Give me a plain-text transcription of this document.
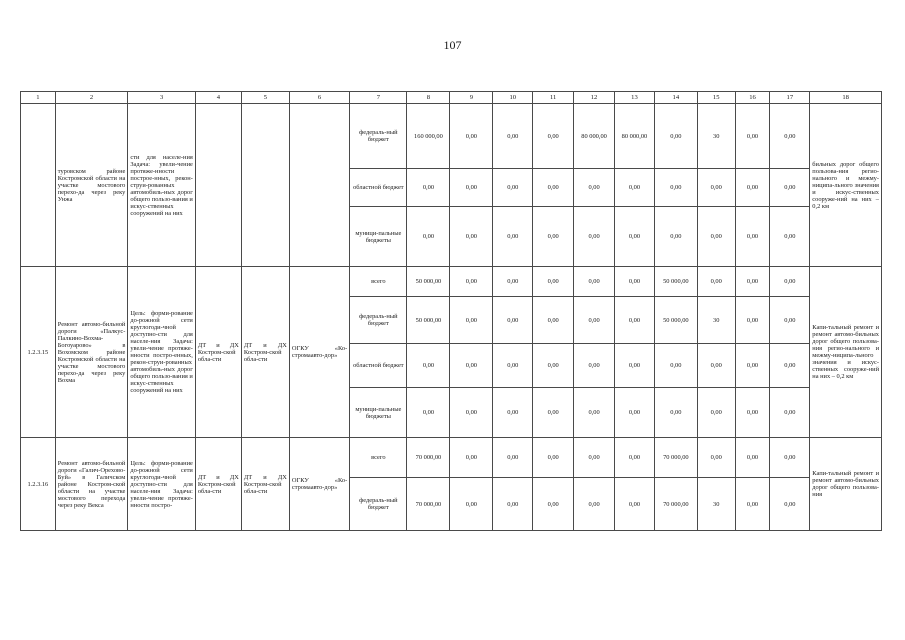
107
1	2	3	4	5	6	7	8	9	10	11	12	13	14	15	16	17	18
	туровском районе Костромской области на участке мостового перехо-да через реку Унжа	сти для населе-ния Задача: увели-чение протяже-нности построе-нных, рекон-струи-рованных автомобиль-ных дорог общего пользо-вания и искус-ственных сооружений на них				федераль-ный бюджет	160 000,00	0,00	0,00	0,00	80 000,00	80 000,00	0,00	30	0,00	0,00	бильных дорог общего пользова-ния регио-нального и межму-ниципа-льного значения и искус-ственных сооруже-ний на них – 0,2 км
						областной бюджет	0,00	0,00	0,00	0,00	0,00	0,00	0,00	0,00	0,00	0,00	
						муници-пальные бюджеты	0,00	0,00	0,00	0,00	0,00	0,00	0,00	0,00	0,00	0,00	
1.2.3.15	Ремонт автомо-бильной дороги «Палкус-Палкино-Вохма-Богоуарово» в Вохомском районе Костромской области на участке мостового перехо-да через реку Вохма	Цель: форми-рование до-рожной сети круглогоди-чной доступно-сти для населе-ния Задача: увели-чение протяже-нности постро-енных, рекон-струи-рованных автомобиль-ных дорог общего пользо-вания и искус-ственных сооружений на них	ДТ и ДХ Костром-ской обла-сти	ДТ и ДХ Костром-ской обла-сти	ОГКУ «Ко-стромаавто-дор»	всего	50 000,00	0,00	0,00	0,00	0,00	0,00	50 000,00	0,00	0,00	0,00	Капи-тальный ремонт и ремонт автомо-бильных дорог общего пользова-ния регио-нального и межму-ниципа-льного значения и искус-ственных сооруже-ний на них – 0,2 км
						федераль-ный бюджет	50 000,00	0,00	0,00	0,00	0,00	0,00	50 000,00	30	0,00	0,00	
						областной бюджет	0,00	0,00	0,00	0,00	0,00	0,00	0,00	0,00	0,00	0,00	
						муници-пальные бюджеты	0,00	0,00	0,00	0,00	0,00	0,00	0,00	0,00	0,00	0,00	
1.2.3.16	Ремонт автомо-бильной дороги «Галич-Орехово-Буй» в Галичском районе Костром-ской области на участке мостового перехода через реку Векса	Цель: форми-рование до-рожной сети круглогоди-чной доступно-сти для населе-ния Задача: увели-чение протяже-нности постро-	ДТ и ДХ Костром-ской обла-сти	ДТ и ДХ Костром-ской обла-сти	ОГКУ «Ко-стромаавто-дор»	всего	70 000,00	0,00	0,00	0,00	0,00	0,00	70 000,00	0,00	0,00	0,00	Капи-тальный ремонт и ремонт автомо-бильных дорог общего пользова-ния
						федераль-ный бюджет	70 000,00	0,00	0,00	0,00	0,00	0,00	70 000,00	30	0,00	0,00	
